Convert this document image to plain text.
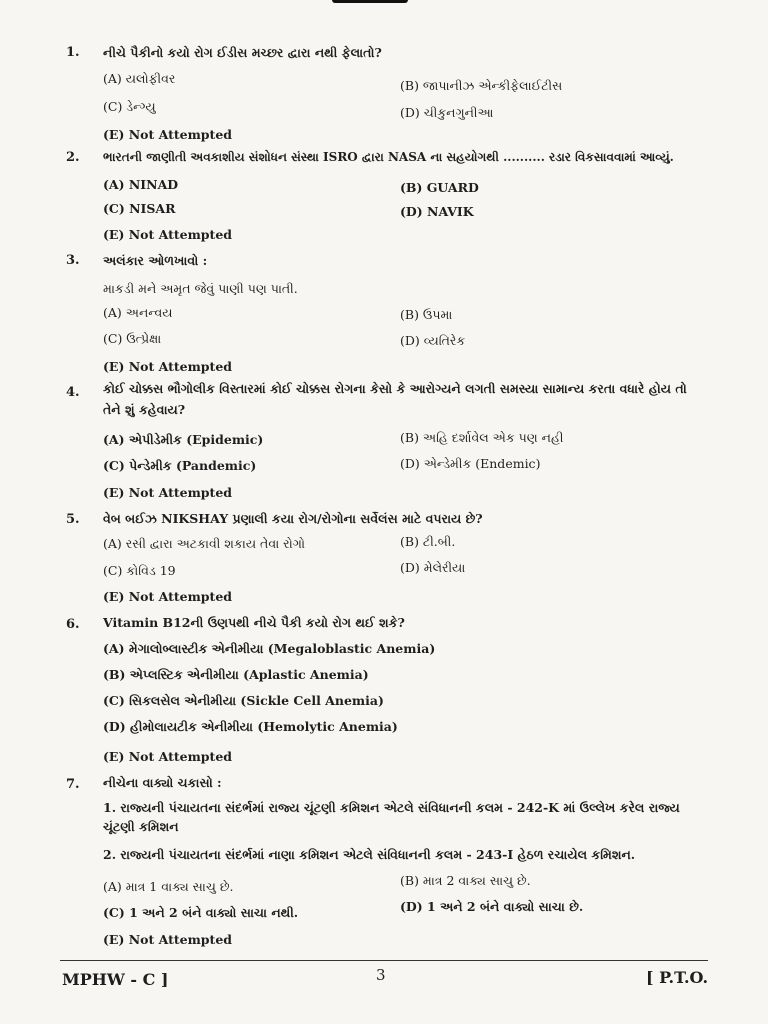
1.	નીચે પૈકીનો કયો રોગ ઈડીસ મચ્છર દ્વારા નથી ફેલાતો?
(A) યલોફીવર	(B) જાપાનીઝ એન્કીફેલાઈટીસ
(C) ડેન્ગ્યુ	(D) ચીકુનગુનીઆ
(E) Not Attempted
2.	ભારતની જાણીતી અવકાશીય સંશોધન સંસ્થા ISRO દ્વારા NASA ના સહયોગથી .......... રડાર વિકસાવવામાં આવ્યું.
(A) NINAD	(B) GUARD
(C) NISAR	(D) NAVIK
(E) Not Attempted
3.	અલંકાર ઓળખાવો :
માકડી મને અમૃત જેવું પાણી પણ પાતી.
(A) અનન્વય	(B) ઉપમા
(C) ઉત્પ્રેક્ષા	(D) વ્યતિરેક
(E) Not Attempted
4.	કોઈ ચોક્કસ ભૌગોલીક વિસ્તારમાં કોઈ ચોક્કસ રોગના કેસો કે આરોગ્યને લગતી સમસ્યા સામાન્ય કરતા વધારે હોય તો તેને શું કહેવાય?
(A) એપીડેમીક (Epidemic)	(B) અહિ દર્શાવેલ એક પણ નહી
(C) પેન્ડેમીક (Pandemic)	(D) એન્ડેમીક (Endemic)
(E) Not Attempted
5.	વેબ બઈઝ NIKSHAY પ્રણાલી કયા રોગ/રોગોના સર્વેલંસ માટે વપરાય છે?
(A) રસી દ્વારા અટકાવી શકાય તેવા રોગો	(B) ટી.બી.
(C) કોવિડ 19	(D) મેલેરીયા
(E) Not Attempted
6.	Vitamin B12ની ઉણપથી નીચે પૈકી કયો રોગ થઈ શકે?
(A) મેગાલોબ્લાસ્ટીક એનીમીયા (Megaloblastic Anemia)
(B) એપ્લસ્ટિક એનીમીયા (Aplastic Anemia)
(C) સિકલસેલ એનીમીયા (Sickle Cell Anemia)
(D) હીમોલાયટીક એનીમીયા (Hemolytic Anemia)
(E) Not Attempted
7.	નીચેના વાક્યો ચકાસો :
1. રાજ્યની પંચાયતના સંદર્ભમાં રાજ્ય ચૂંટણી કમિશન એટલે સંવિધાનની કલમ - 242-K માં ઉલ્લેખ કરેલ રાજ્ય ચૂંટણી કમિશન
2. રાજ્યની પંચાયતના સંદર્ભમાં નાણા કમિશન એટલે સંવિધાનની કલમ - 243-I હેઠળ રચાયેલ કમિશન.
(A) માત્ર 1 વાક્ય સાચુ છે.	(B) માત્ર 2 વાક્ય સાચુ છે.
(C) 1 અને 2 બંને વાક્યો સાચા નથી.	(D) 1 અને 2 બંને વાક્યો સાચા છે.
(E) Not Attempted
MPHW - C ]	3	[ P.T.O.
